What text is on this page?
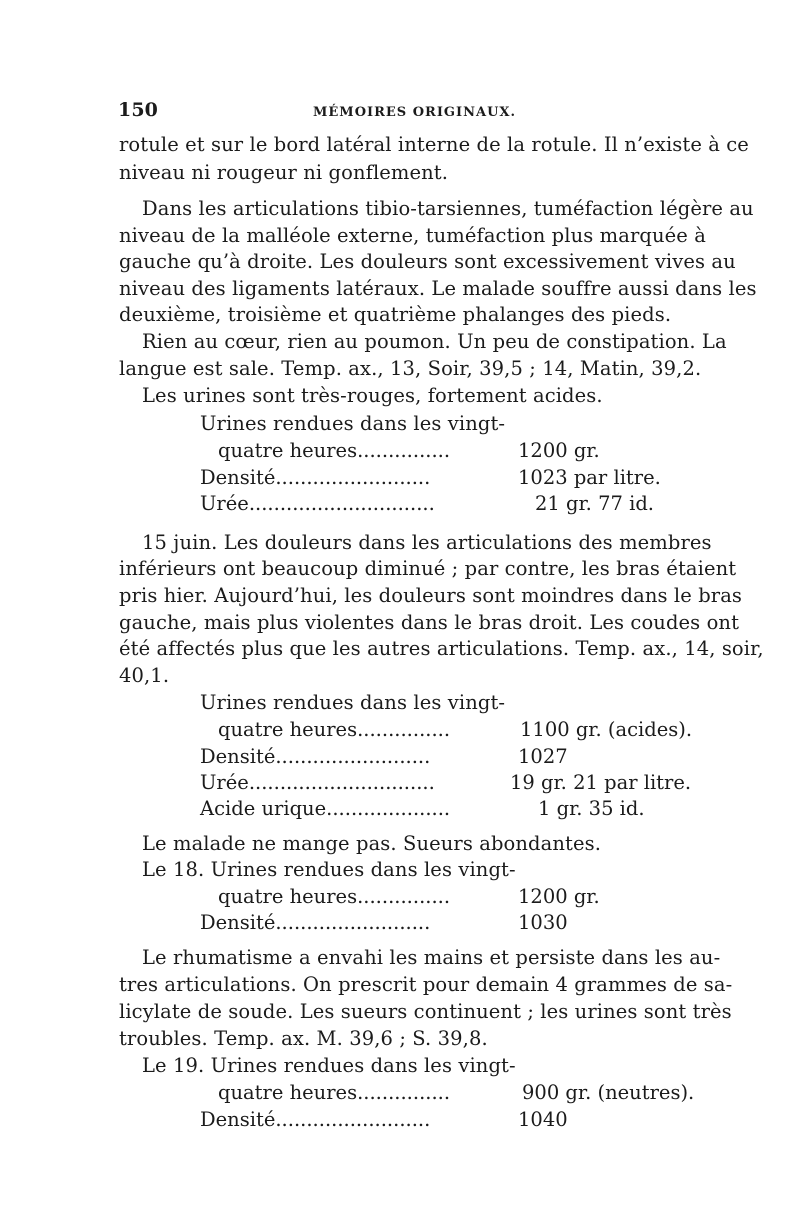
150	MÉMOIRES ORIGINAUX.
rotule et sur le bord latéral interne de la rotule. Il n’existe à ce
niveau ni rougeur ni gonflement.
Dans les articulations tibio-tarsiennes, tuméfaction légère au
niveau de la malléole externe, tuméfaction plus marquée à
gauche qu’à droite. Les douleurs sont excessivement vives au
niveau des ligaments latéraux. Le malade souffre aussi dans les
deuxième, troisième et quatrième phalanges des pieds.
Rien au cœur, rien au poumon. Un peu de constipation. La
langue est sale. Temp. ax., 13, Soir, 39,5 ; 14, Matin, 39,2.
Les urines sont très-rouges, fortement acides.
Urines rendues dans les vingt-
quatre heures...............	1200 gr.
Densité.........................	1023 par litre.
Urée..............................	21 gr. 77 id.
15 juin. Les douleurs dans les articulations des membres
inférieurs ont beaucoup diminué ; par contre, les bras étaient
pris hier. Aujourd’hui, les douleurs sont moindres dans le bras
gauche, mais plus violentes dans le bras droit. Les coudes ont
été affectés plus que les autres articulations. Temp. ax., 14, soir,
40,1.
Urines rendues dans les vingt-
quatre heures...............	1100 gr. (acides).
Densité.........................	1027
Urée..............................	19 gr. 21 par litre.
Acide urique....................	1 gr. 35 id.
Le malade ne mange pas. Sueurs abondantes.
Le 18. Urines rendues dans les vingt-
quatre heures...............	1200 gr.
Densité.........................	1030
Le rhumatisme a envahi les mains et persiste dans les au-
tres articulations. On prescrit pour demain 4 grammes de sa-
licylate de soude. Les sueurs continuent ; les urines sont très
troubles. Temp. ax. M. 39,6 ; S. 39,8.
Le 19. Urines rendues dans les vingt-
quatre heures...............	900 gr. (neutres).
Densité.........................	1040
